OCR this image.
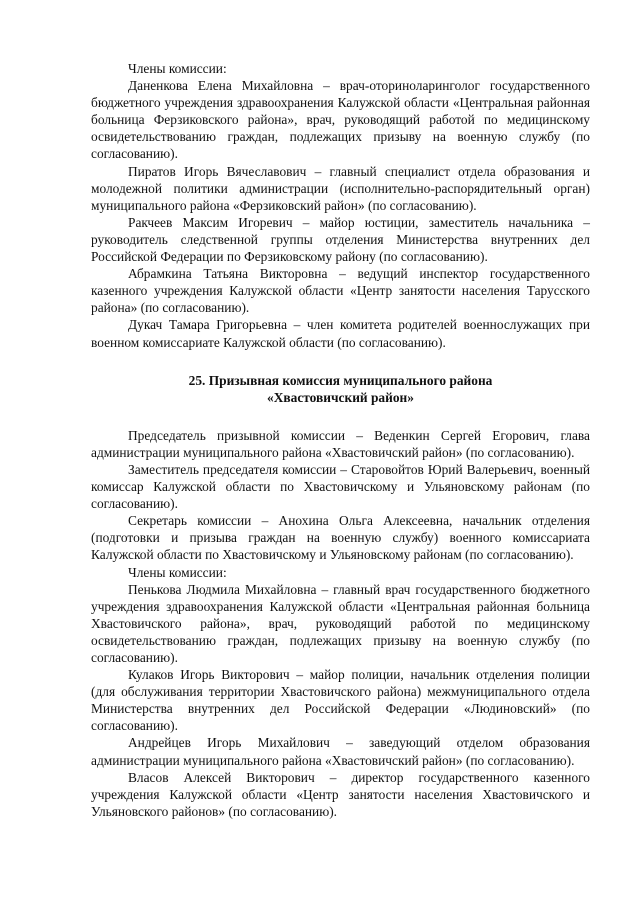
Члены комиссии:

Даненкова Елена Михайловна – врач-оториноларинголог государственного бюджетного учреждения здравоохранения Калужской области «Центральная районная больница Ферзиковского района», врач, руководящий работой по медицинскому освидетельствованию граждан, подлежащих призыву на военную службу (по согласованию).

Пиратов Игорь Вячеславович – главный специалист отдела образования и молодежной политики администрации (исполнительно-распорядительный орган) муниципального района «Ферзиковский район» (по согласованию).

Ракчеев Максим Игоревич – майор юстиции, заместитель начальника – руководитель следственной группы отделения Министерства внутренних дел Российской Федерации по Ферзиковскому району (по согласованию).

Абрамкина Татьяна Викторовна – ведущий инспектор государственного казенного учреждения Калужской области «Центр занятости населения Тарусского района» (по согласованию).

Дукач Тамара Григорьевна – член комитета родителей военнослужащих при военном комиссариате Калужской области (по согласованию).

25. Призывная комиссия муниципального района
«Хвастовичский район»

Председатель призывной комиссии – Веденкин Сергей Егорович, глава администрации муниципального района «Хвастовичский район» (по согласованию).

Заместитель председателя комиссии – Старовойтов Юрий Валерьевич, военный комиссар Калужской области по Хвастовичскому и Ульяновскому районам (по согласованию).

Секретарь комиссии – Анохина Ольга Алексеевна, начальник отделения (подготовки и призыва граждан на военную службу) военного комиссариата Калужской области по Хвастовичскому и Ульяновскому районам (по согласованию).

Члены комиссии:

Пенькова Людмила Михайловна – главный врач государственного бюджетного учреждения здравоохранения Калужской области «Центральная районная больница Хвастовичского района», врач, руководящий работой по медицинскому освидетельствованию граждан, подлежащих призыву на военную службу (по согласованию).

Кулаков Игорь Викторович – майор полиции, начальник отделения полиции (для обслуживания территории Хвастовичского района) межмуниципального отдела Министерства внутренних дел Российской Федерации «Людиновский» (по согласованию).

Андрейцев Игорь Михайлович – заведующий отделом образования администрации муниципального района «Хвастовичский район» (по согласованию).

Власов Алексей Викторович – директор государственного казенного учреждения Калужской области «Центр занятости населения Хвастовичского и Ульяновского районов» (по согласованию).
